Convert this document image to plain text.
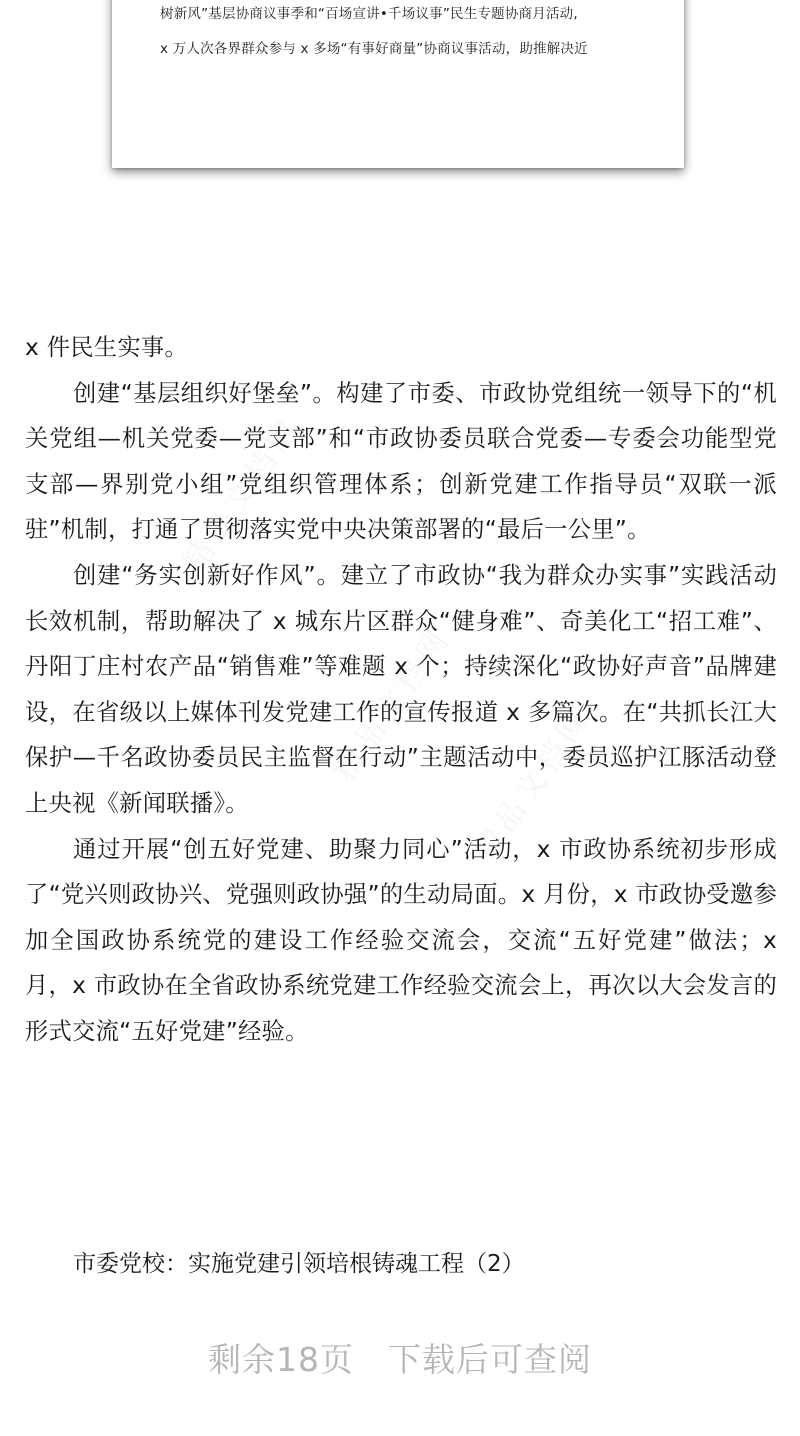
精品文档网
精品文档网 精品文档网
树新风”基层协商议事季和“百场宣讲•千场议事”民生专题协商月活动,
x 万人次各界群众参与 x 多场“有事好商量”协商议事活动，助推解决近

x 件民生实事。

创建“基层组织好堡垒”。构建了市委、市政协党组统一领导下的“机关党组—机关党委—党支部”和“市政协委员联合党委—专委会功能型党支部—界别党小组”党组织管理体系；创新党建工作指导员“双联一派驻”机制，打通了贯彻落实党中央决策部署的“最后一公里”。

创建“务实创新好作风”。建立了市政协“我为群众办实事”实践活动长效机制，帮助解决了 x 城东片区群众“健身难”、奇美化工“招工难”、丹阳丁庄村农产品“销售难”等难题 x 个；持续深化“政协好声音”品牌建设，在省级以上媒体刊发党建工作的宣传报道 x 多篇次。在“共抓长江大保护—千名政协委员民主监督在行动”主题活动中，委员巡护江豚活动登上央视《新闻联播》。

通过开展“创五好党建、助聚力同心”活动，x 市政协系统初步形成了“党兴则政协兴、党强则政协强”的生动局面。x 月份，x 市政协受邀参加全国政协系统党的建设工作经验交流会，交流“五好党建”做法；x 月，x 市政协在全省政协系统党建工作经验交流会上，再次以大会发言的形式交流“五好党建”经验。

市委党校：实施党建引领培根铸魂工程（2）

剩余18页　下载后可查阅
